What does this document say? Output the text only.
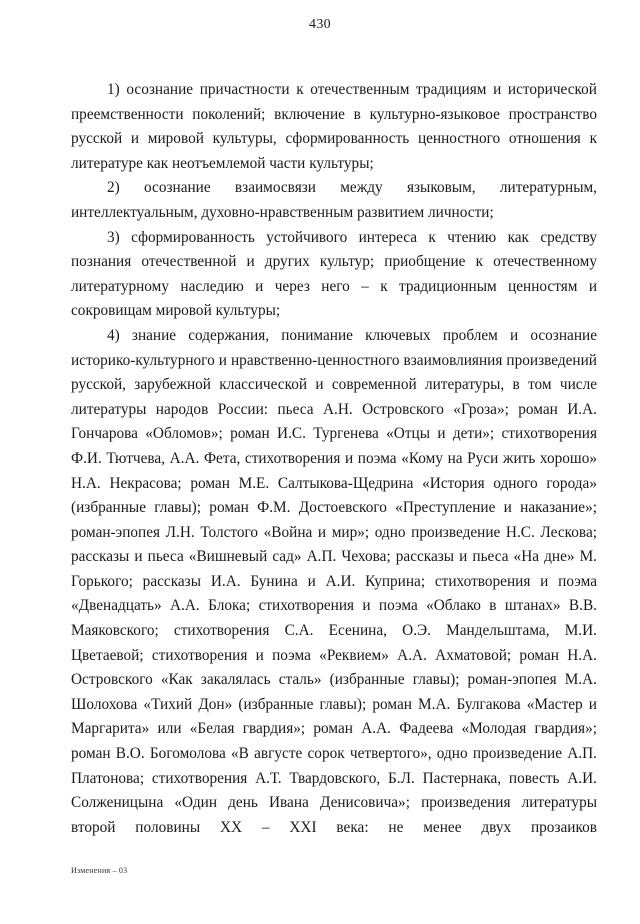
430

1) осознание причастности к отечественным традициям и исторической преемственности поколений; включение в культурно-языковое пространство русской и мировой культуры, сформированность ценностного отношения к литературе как неотъемлемой части культуры;

2) осознание взаимосвязи между языковым, литературным, интеллектуальным, духовно-нравственным развитием личности;

3) сформированность устойчивого интереса к чтению как средству познания отечественной и других культур; приобщение к отечественному литературному наследию и через него – к традиционным ценностям и сокровищам мировой культуры;

4) знание содержания, понимание ключевых проблем и осознание историко-культурного и нравственно-ценностного взаимовлияния произведений русской, зарубежной классической и современной литературы, в том числе литературы народов России: пьеса А.Н. Островского «Гроза»; роман И.А. Гончарова «Обломов»; роман И.С. Тургенева «Отцы и дети»; стихотворения Ф.И. Тютчева, А.А. Фета, стихотворения и поэма «Кому на Руси жить хорошо» Н.А. Некрасова; роман М.Е. Салтыкова-Щедрина «История одного города» (избранные главы); роман Ф.М. Достоевского «Преступление и наказание»; роман-эпопея Л.Н. Толстого «Война и мир»; одно произведение Н.С. Лескова; рассказы и пьеса «Вишневый сад» А.П. Чехова; рассказы и пьеса «На дне» М. Горького; рассказы И.А. Бунина и А.И. Куприна; стихотворения и поэма «Двенадцать» А.А. Блока; стихотворения и поэма «Облако в штанах» В.В. Маяковского; стихотворения С.А. Есенина, О.Э. Мандельштама, М.И. Цветаевой; стихотворения и поэма «Реквием» А.А. Ахматовой; роман Н.А. Островского «Как закалялась сталь» (избранные главы); роман-эпопея М.А. Шолохова «Тихий Дон» (избранные главы); роман М.А. Булгакова «Мастер и Маргарита» или «Белая гвардия»; роман А.А. Фадеева «Молодая гвардия»; роман В.О. Богомолова «В августе сорок четвертого», одно произведение А.П. Платонова; стихотворения А.Т. Твардовского, Б.Л. Пастернака, повесть А.И. Солженицына «Один день Ивана Денисовича»; произведения литературы второй половины XX – XXI века: не менее двух прозаиков

Изменения – 03
